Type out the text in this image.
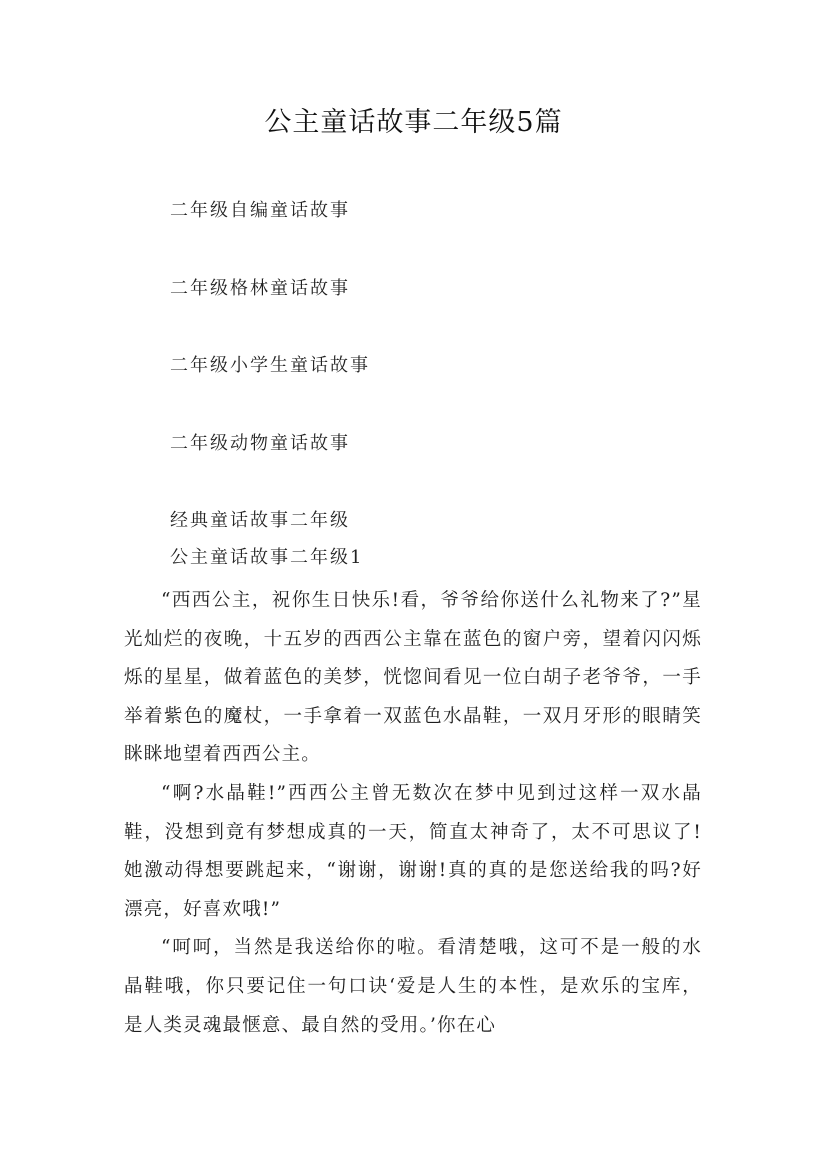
公主童话故事二年级5篇
二年级自编童话故事
二年级格林童话故事
二年级小学生童话故事
二年级动物童话故事
经典童话故事二年级
公主童话故事二年级1

“西西公主，祝你生日快乐!看，爷爷给你送什么礼物来了?”星光灿烂的夜晚，十五岁的西西公主靠在蓝色的窗户旁，望着闪闪烁烁的星星，做着蓝色的美梦，恍惚间看见一位白胡子老爷爷，一手举着紫色的魔杖，一手拿着一双蓝色水晶鞋，一双月牙形的眼睛笑眯眯地望着西西公主。

“啊?水晶鞋!”西西公主曾无数次在梦中见到过这样一双水晶鞋，没想到竟有梦想成真的一天，简直太神奇了，太不可思议了!她激动得想要跳起来，“谢谢，谢谢!真的真的是您送给我的吗?好漂亮，好喜欢哦!”

“呵呵，当然是我送给你的啦。看清楚哦，这可不是一般的水晶鞋哦，你只要记住一句口诀‘爱是人生的本性，是欢乐的宝库，是人类灵魂最惬意、最自然的受用。’你在心
